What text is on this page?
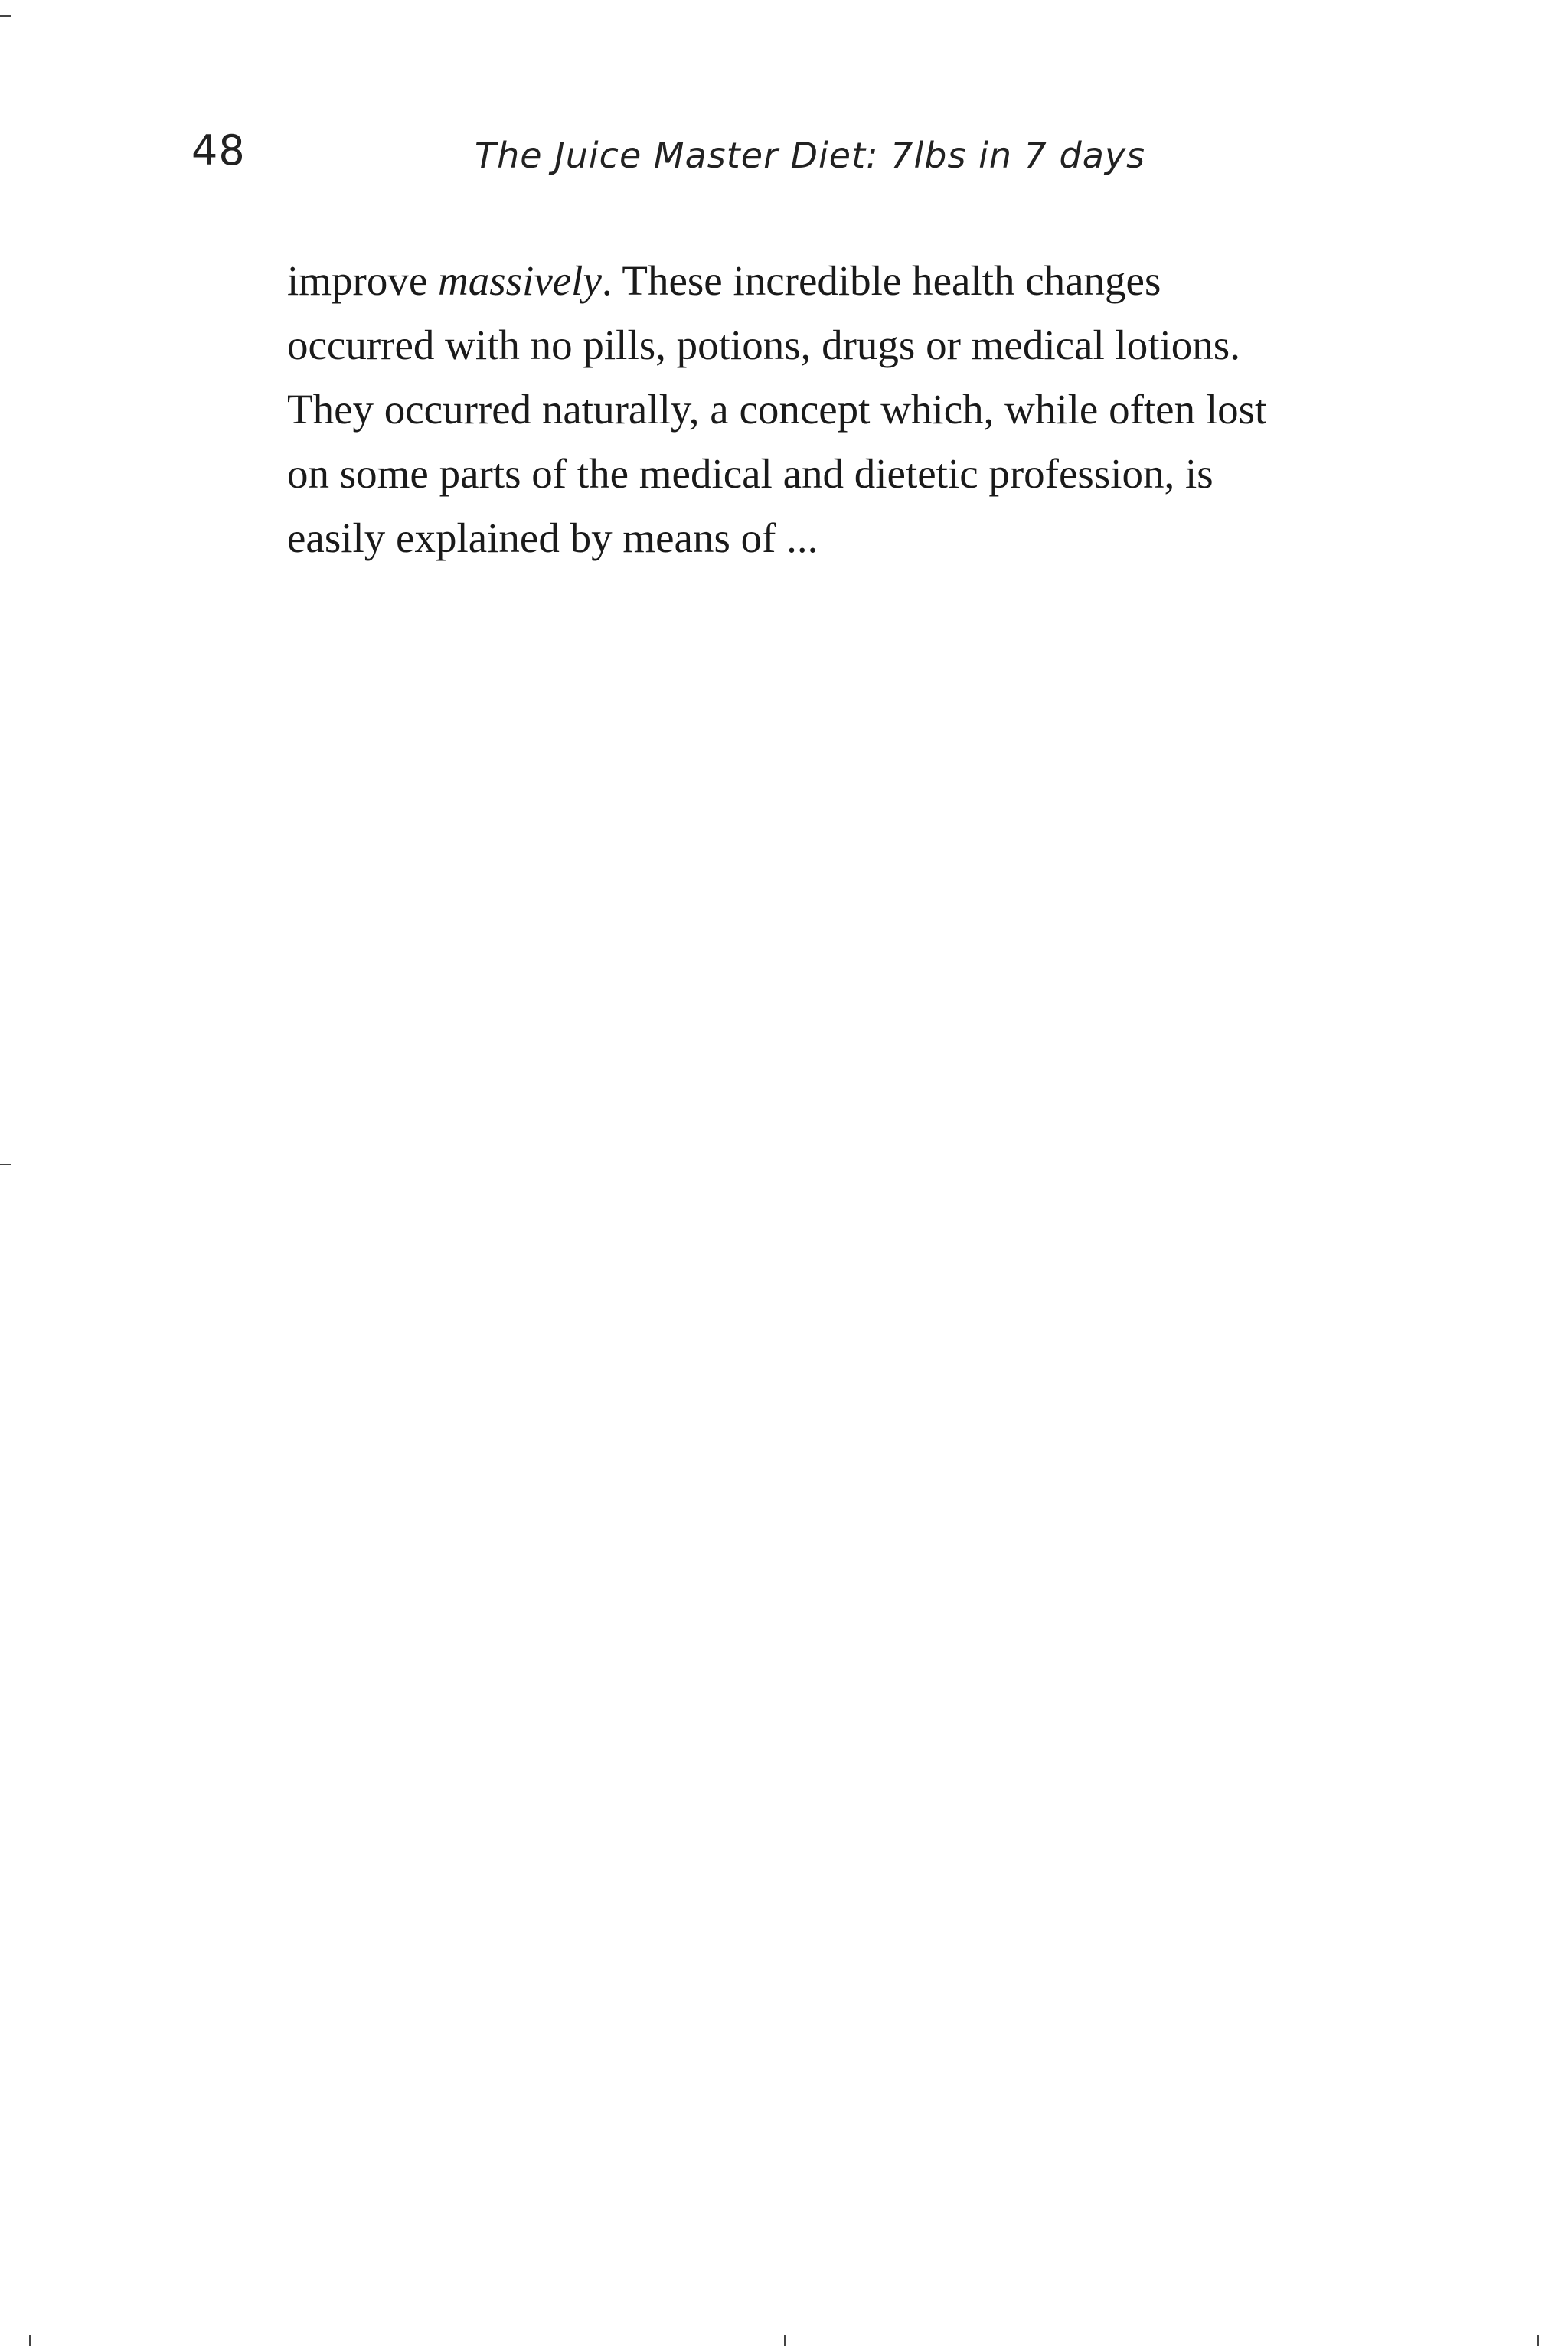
48	The Juice Master Diet: 7lbs in 7 days
improve massively. These incredible health changes
occurred with no pills, potions, drugs or medical lotions.
They occurred naturally, a concept which, while often lost
on some parts of the medical and dietetic profession, is
easily explained by means of ...
